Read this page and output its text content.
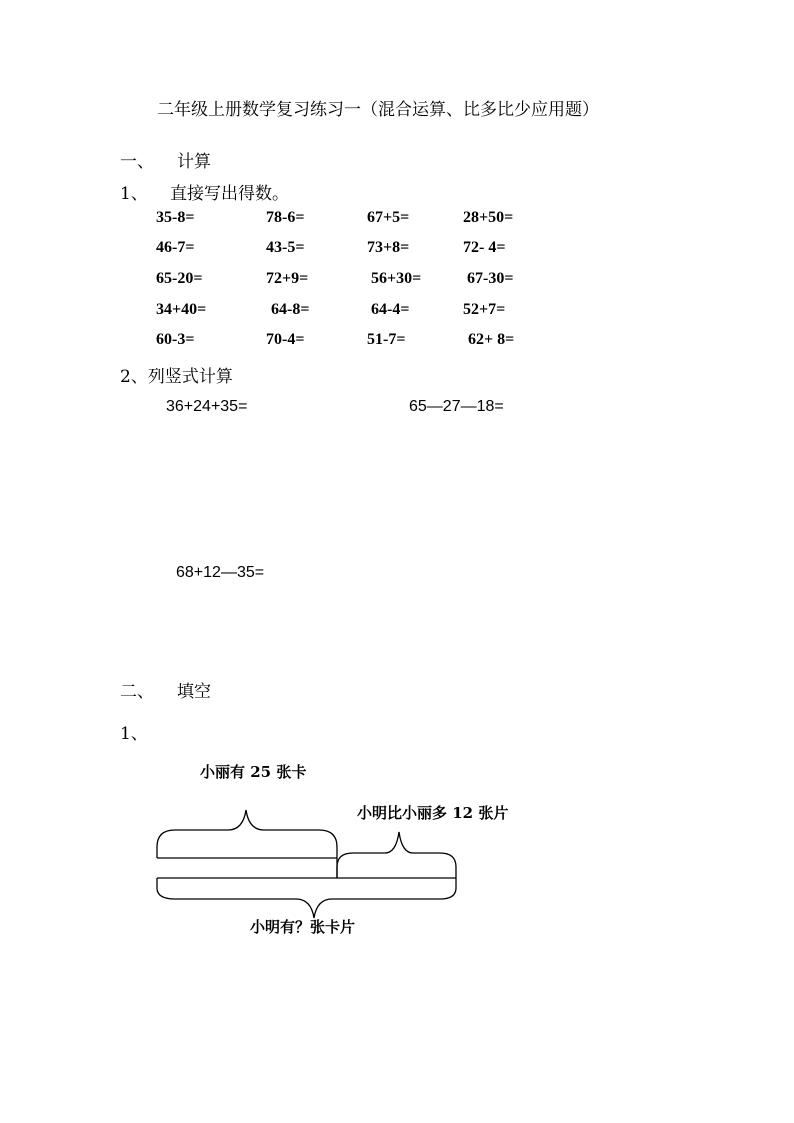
二年级上册数学复习练习一（混合运算、比多比少应用题）
一、 计算
1、 直接写出得数。
35-8=	78-6=	67+5=	28+50=
46-7=	43-5=	73+8=	72- 4=
65-20=	72+9=	56+30=	67-30=
34+40=	64-8=	64-4=	52+7=
60-3=	70-4=	51-7=	62+ 8=
2、列竖式计算
36+24+35=	65—27—18=
68+12—35=
二、 填空
1、
小丽有 25 张卡
小明比小丽多 12 张片
小明有？张卡片
